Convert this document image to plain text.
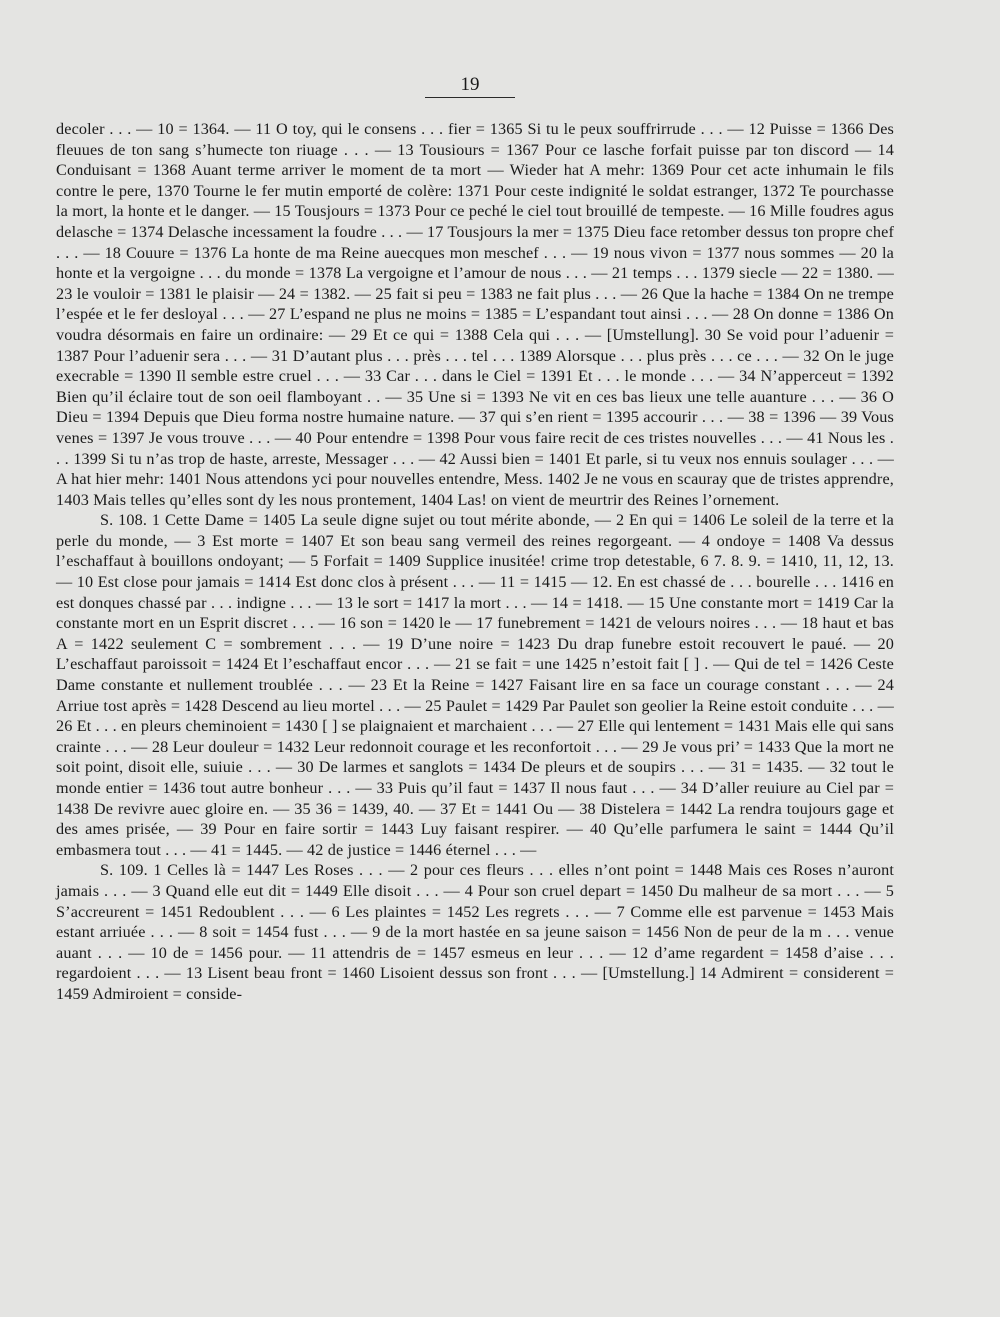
19

decoler . . . — 10 = 1364. — 11 O toy, qui le consens . . . fier = 1365 Si tu le peux souffrirrude . . . — 12 Puisse = 1366 Des fleuues de ton sang s’humecte ton riuage . . . — 13 Tousiours = 1367 Pour ce lasche forfait puisse par ton discord — 14 Conduisant = 1368 Auant terme arriver le moment de ta mort — Wieder hat A mehr: 1369 Pour cet acte inhumain le fils contre le pere, 1370 Tourne le fer mutin emporté de colère: 1371 Pour ceste indignité le soldat estranger, 1372 Te pourchasse la mort, la honte et le danger. — 15 Tousjours = 1373 Pour ce peché le ciel tout brouillé de tempeste. — 16 Mille foudres agus delasche = 1374 Delasche incessament la foudre . . . — 17 Tousjours la mer = 1375 Dieu face retomber dessus ton propre chef . . . — 18 Couure = 1376 La honte de ma Reine auecques mon meschef . . . — 19 nous vivon = 1377 nous sommes — 20 la honte et la vergoigne . . . du monde = 1378 La vergoigne et l’amour de nous . . . — 21 temps . . . 1379 siecle — 22 = 1380. — 23 le vouloir = 1381 le plaisir — 24 = 1382. — 25 fait si peu = 1383 ne fait plus . . . — 26 Que la hache = 1384 On ne trempe l’espée et le fer desloyal . . . — 27 L’espand ne plus ne moins = 1385 = L’espandant tout ainsi . . . — 28 On donne = 1386 On voudra désormais en faire un ordinaire: — 29 Et ce qui = 1388 Cela qui . . . — [Umstellung]. 30 Se void pour l’aduenir = 1387 Pour l’aduenir sera . . . — 31 D’autant plus . . . près . . . tel . . . 1389 Alorsque . . . plus près . . . ce . . . — 32 On le juge execrable = 1390 Il semble estre cruel . . . — 33 Car . . . dans le Ciel = 1391 Et . . . le monde . . . — 34 N’apperceut = 1392 Bien qu’il éclaire tout de son oeil flamboyant . . — 35 Une si = 1393 Ne vit en ces bas lieux une telle auanture . . . — 36 O Dieu = 1394 Depuis que Dieu forma nostre humaine nature. — 37 qui s’en rient = 1395 accourir . . . — 38 = 1396 — 39 Vous venes = 1397 Je vous trouve . . . — 40 Pour entendre = 1398 Pour vous faire recit de ces tristes nouvelles . . . — 41 Nous les . . . 1399 Si tu n’as trop de haste, arreste, Messager . . . — 42 Aussi bien = 1401 Et parle, si tu veux nos ennuis soulager . . . — A hat hier mehr: 1401 Nous attendons yci pour nouvelles entendre, Mess. 1402 Je ne vous en scauray que de tristes apprendre, 1403 Mais telles qu’elles sont dy les nous prontement, 1404 Las! on vient de meurtrir des Reines l’ornement.

S. 108. 1 Cette Dame = 1405 La seule digne sujet ou tout mérite abonde, — 2 En qui = 1406 Le soleil de la terre et la perle du monde, — 3 Est morte = 1407 Et son beau sang vermeil des reines regorgeant. — 4 ondoye = 1408 Va dessus l’eschaffaut à bouillons ondoyant; — 5 Forfait = 1409 Supplice inusitée! crime trop detestable, 6 7. 8. 9. = 1410, 11, 12, 13. — 10 Est close pour jamais = 1414 Est donc clos à présent . . . — 11 = 1415 — 12. En est chassé de . . . bourelle . . . 1416 en est donques chassé par . . . indigne . . . — 13 le sort = 1417 la mort . . . — 14 = 1418. — 15 Une constante mort = 1419 Car la constante mort en un Esprit discret . . . — 16 son = 1420 le — 17 funebrement = 1421 de velours noires . . . — 18 haut et bas A = 1422 seulement C = sombrement . . . — 19 D’une noire = 1423 Du drap funebre estoit recouvert le paué. — 20 L’eschaffaut paroissoit = 1424 Et l’eschaffaut encor . . . — 21 se fait = une 1425 n’estoit fait [ ] . — Qui de tel = 1426 Ceste Dame constante et nullement troublée . . . — 23 Et la Reine = 1427 Faisant lire en sa face un courage constant . . . — 24 Arriue tost après = 1428 Descend au lieu mortel . . . — 25 Paulet = 1429 Par Paulet son geolier la Reine estoit conduite . . . — 26 Et . . . en pleurs cheminoient = 1430 [ ] se plaignaient et marchaient . . . — 27 Elle qui lentement = 1431 Mais elle qui sans crainte . . . — 28 Leur douleur = 1432 Leur redonnoit courage et les reconfortoit . . . — 29 Je vous pri’ = 1433 Que la mort ne soit point, disoit elle, suiuie . . . — 30 De larmes et sanglots = 1434 De pleurs et de soupirs . . . — 31 = 1435. — 32 tout le monde entier = 1436 tout autre bonheur . . . — 33 Puis qu’il faut = 1437 Il nous faut . . . — 34 D’aller reuiure au Ciel par = 1438 De revivre auec gloire en. — 35 36 = 1439, 40. — 37 Et = 1441 Ou — 38 Distelera = 1442 La rendra toujours gage et des ames prisée, — 39 Pour en faire sortir = 1443 Luy faisant respirer. — 40 Qu’elle parfumera le saint = 1444 Qu’il embasmera tout . . . — 41 = 1445. — 42 de justice = 1446 éternel . . . —

S. 109. 1 Celles là = 1447 Les Roses . . . — 2 pour ces fleurs . . . elles n’ont point = 1448 Mais ces Roses n’auront jamais . . . — 3 Quand elle eut dit = 1449 Elle disoit . . . — 4 Pour son cruel depart = 1450 Du malheur de sa mort . . . — 5 S’accreurent = 1451 Redoublent . . . — 6 Les plaintes = 1452 Les regrets . . . — 7 Comme elle est parvenue = 1453 Mais estant arriuée . . . — 8 soit = 1454 fust . . . — 9 de la mort hastée en sa jeune saison = 1456 Non de peur de la m . . . venue auant . . . — 10 de = 1456 pour. — 11 attendris de = 1457 esmeus en leur . . . — 12 d’ame regardent = 1458 d’aise . . . regardoient . . . — 13 Lisent beau front = 1460 Lisoient dessus son front . . . — [Umstellung.] 14 Admirent = considerent = 1459 Admiroient = conside-
